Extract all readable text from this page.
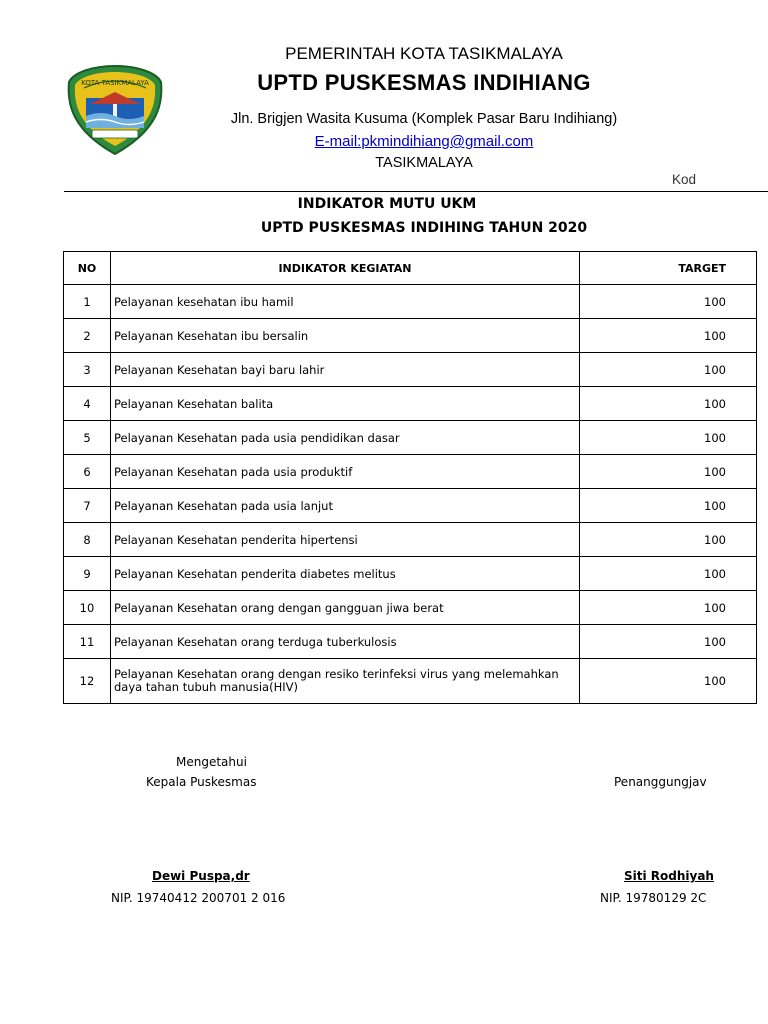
KOTA TASIKMALAYA
PEMERINTAH KOTA TASIKMALAYA
UPTD PUSKESMAS INDIHIANG
Jln. Brigjen Wasita Kusuma (Komplek Pasar Baru Indihiang)
E-mail:pkmindihiang@gmail.com
TASIKMALAYA
Kod
INDIKATOR MUTU UKM
UPTD PUSKESMAS INDIHING TAHUN 2020
NO	INDIKATOR KEGIATAN	TARGET
1	Pelayanan kesehatan ibu hamil	100
2	Pelayanan Kesehatan ibu bersalin	100
3	Pelayanan Kesehatan bayi baru lahir	100
4	Pelayanan Kesehatan balita	100
5	Pelayanan Kesehatan pada usia pendidikan dasar	100
6	Pelayanan Kesehatan pada usia produktif	100
7	Pelayanan Kesehatan pada usia lanjut	100
8	Pelayanan Kesehatan penderita hipertensi	100
9	Pelayanan Kesehatan penderita diabetes melitus	100
10	Pelayanan Kesehatan orang dengan gangguan jiwa berat	100
11	Pelayanan Kesehatan orang terduga tuberkulosis	100
12	Pelayanan Kesehatan orang dengan resiko terinfeksi virus yang melemahkan daya tahan tubuh manusia(HIV)	100
Mengetahui
Kepala Puskesmas
Dewi Puspa,dr
NIP. 19740412 200701 2 016
Penanggungjav
Siti Rodhiyah
NIP. 19780129 2C
